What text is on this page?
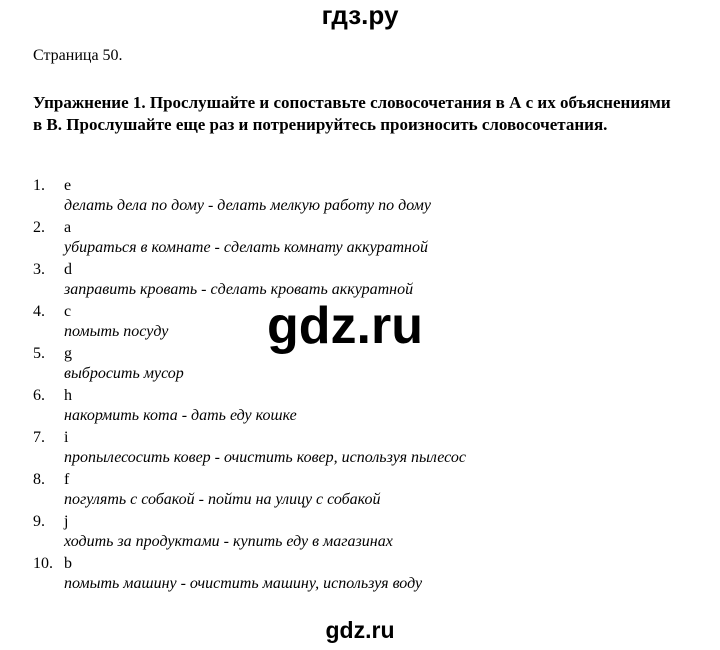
гдз.ру
Страница 50.
Упражнение 1. Прослушайте и сопоставьте словосочетания в А с их объяснениями в В. Прослушайте еще раз и потренируйтесь произносить словосочетания.
1. e
делать дела по дому - делать мелкую работу по дому
2. a
убираться в комнате - сделать комнату аккуратной
3. d
заправить кровать - сделать кровать аккуратной
4. c
помыть посуду
5. g
выбросить мусор
6. h
накормить кота - дать еду кошке
7. i
пропылесосить ковер - очистить ковер, используя пылесос
8. f
погулять с собакой - пойти на улицу с собакой
9. j
ходить за продуктами - купить еду в магазинах
10. b
помыть машину - очистить машину, используя воду
gdz.ru
gdz.ru
